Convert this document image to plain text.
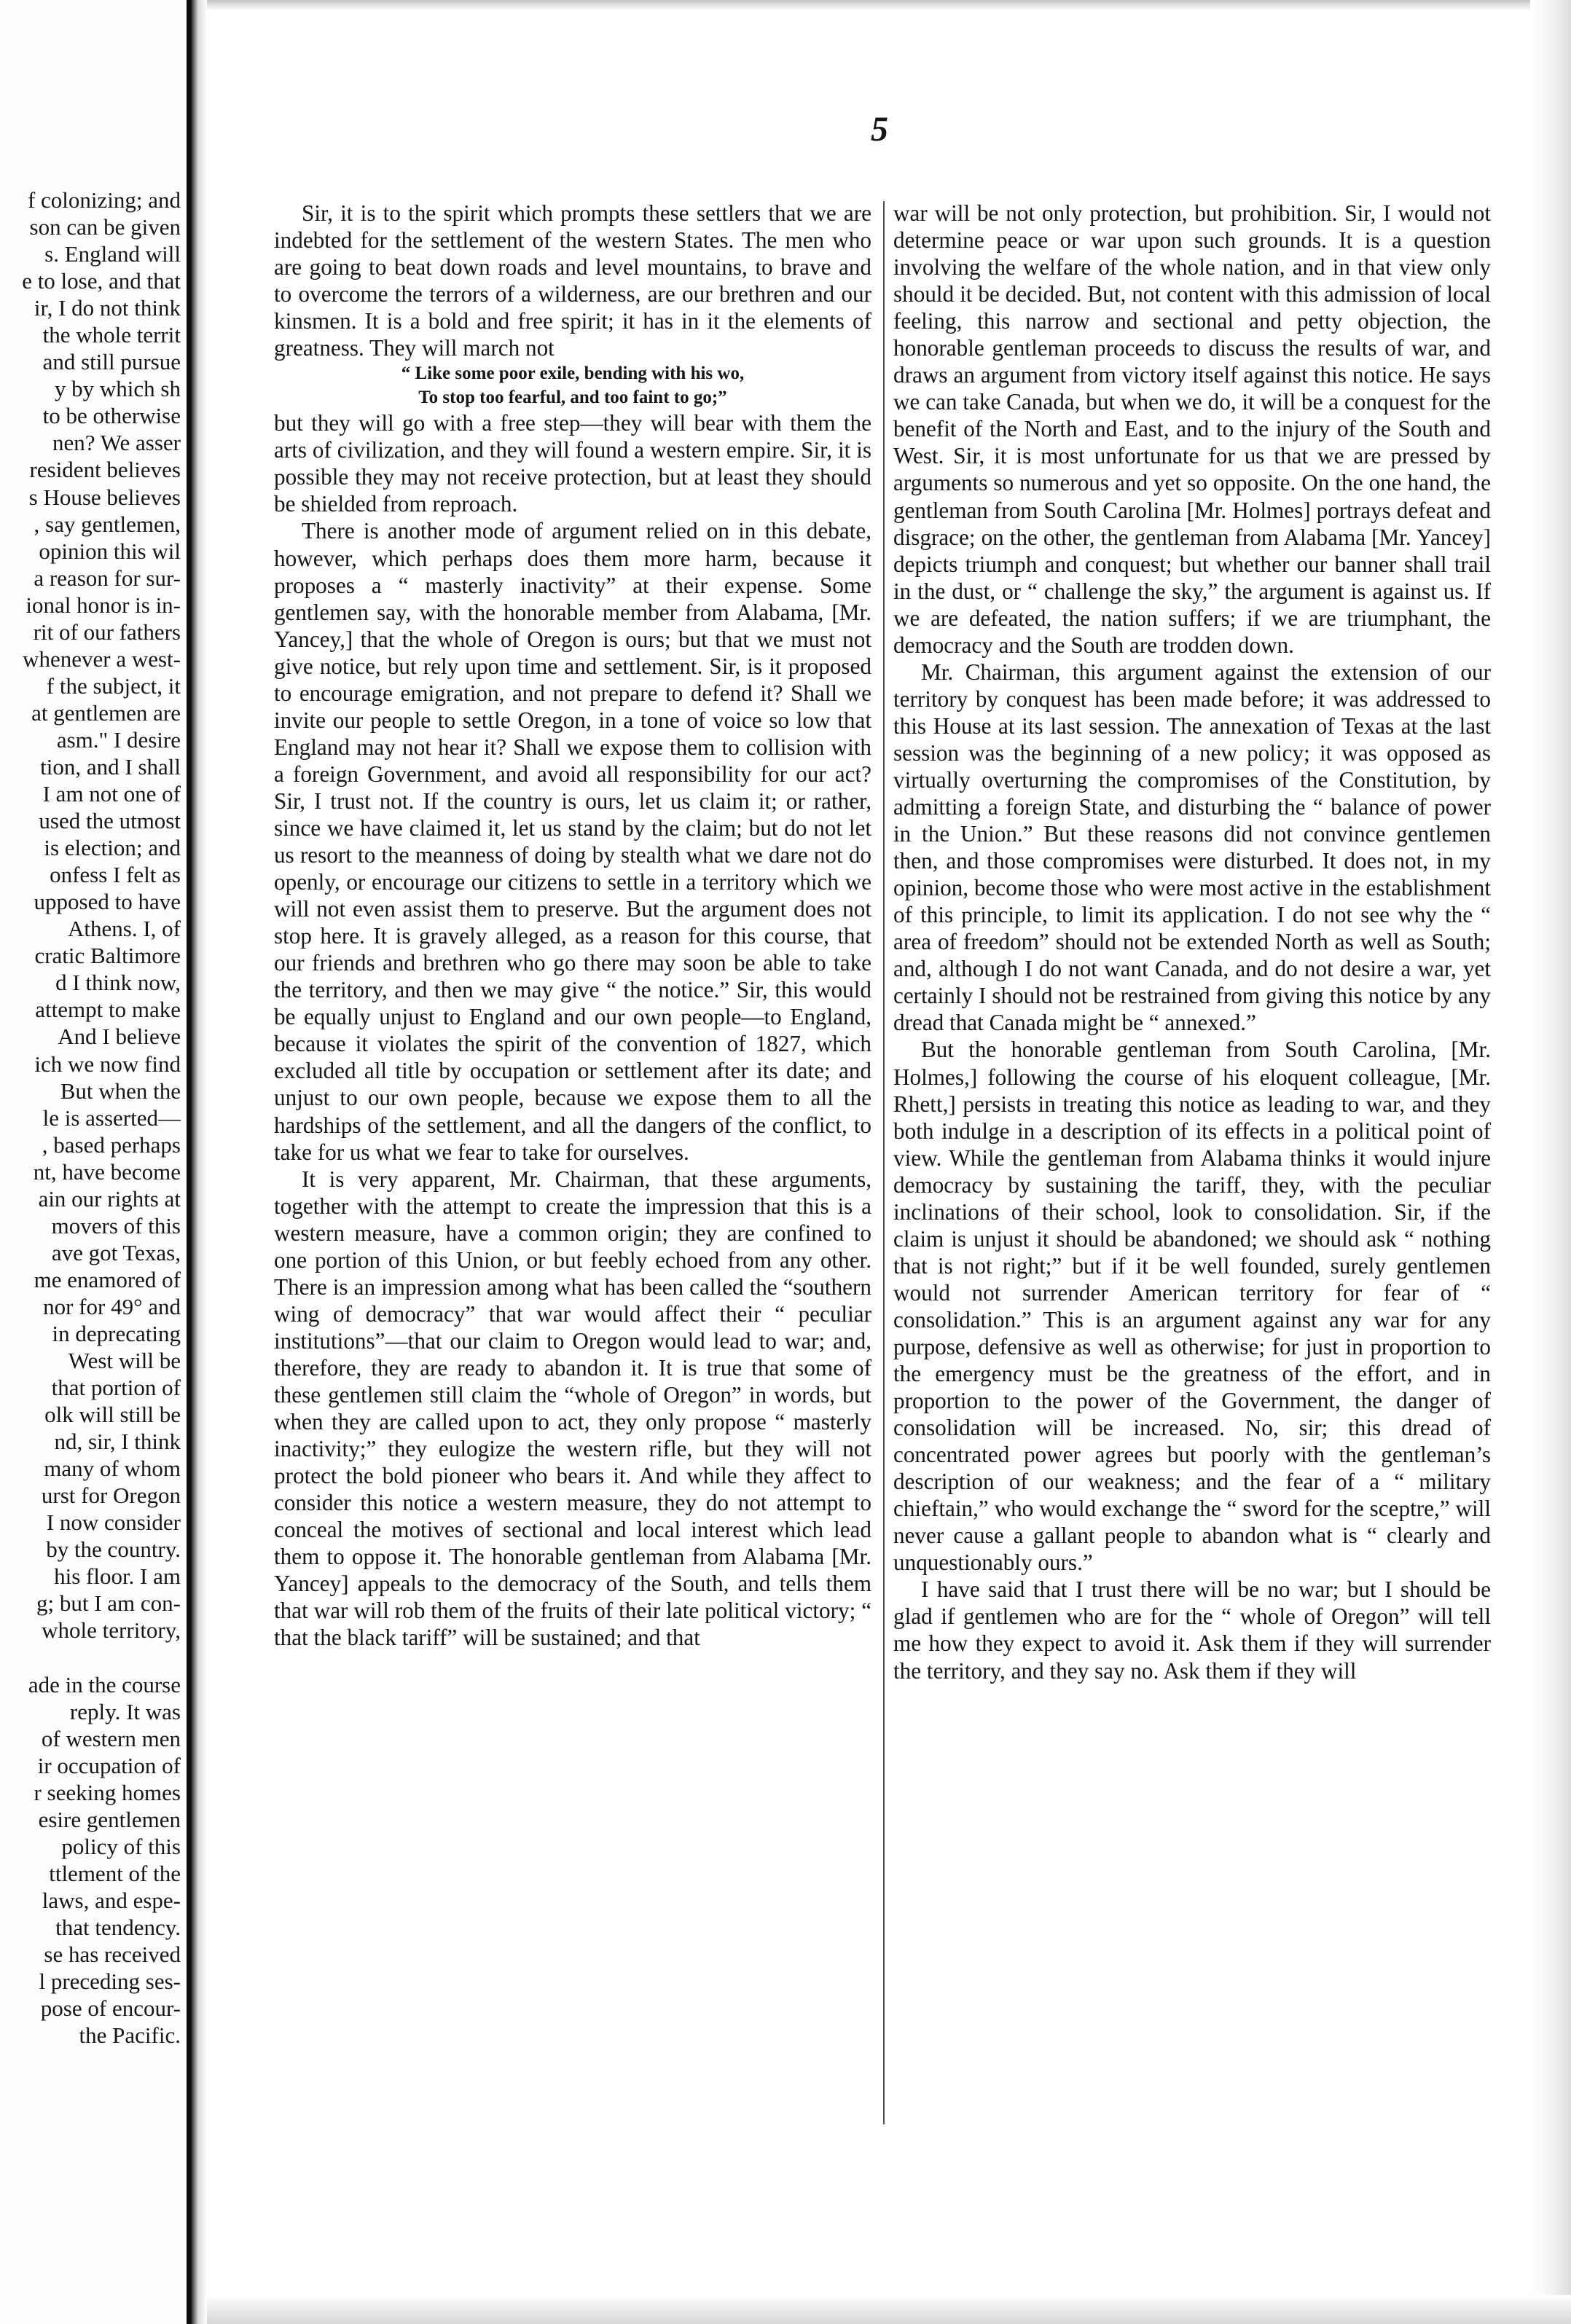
f colonizing; and
son can be given
s. England will
e to lose, and that
ir, I do not think
the whole territ
and still pursue
y by which sh
to be otherwise
nen? We asser
resident believes
s House believes
, say gentlemen,
opinion this wil
a reason for sur-
ional honor is in-
rit of our fathers
whenever a west-
f the subject, it
at gentlemen are
asm." I desire
tion, and I shall
I am not one of
used the utmost
is election; and
onfess I felt as
upposed to have
Athens. I, of
cratic Baltimore
d I think now,
attempt to make
And I believe
ich we now find
But when the
le is asserted—
, based perhaps
nt, have become
ain our rights at
movers of this
ave got Texas,
me enamored of
nor for 49° and
in deprecating
West will be
that portion of
olk will still be
nd, sir, I think
many of whom
urst for Oregon
I now consider
by the country.
his floor. I am
g; but I am con-
whole territory,
ade in the course
reply. It was
of western men
ir occupation of
r seeking homes
esire gentlemen
policy of this
ttlement of the
laws, and espe-
that tendency.
se has received
l preceding ses-
pose of encour-
the Pacific.
5

Sir, it is to the spirit which prompts these settlers that we are indebted for the settlement of the western States. The men who are going to beat down roads and level mountains, to brave and to overcome the terrors of a wilderness, are our brethren and our kinsmen. It is a bold and free spirit; it has in it the elements of greatness. They will march not

“ Like some poor exile, bending with his wo,
To stop too fearful, and too faint to go;”

but they will go with a free step—they will bear with them the arts of civilization, and they will found a western empire. Sir, it is possible they may not receive protection, but at least they should be shielded from reproach.

There is another mode of argument relied on in this debate, however, which perhaps does them more harm, because it proposes a “ masterly inactivity” at their expense. Some gentlemen say, with the honorable member from Alabama, [Mr. Yancey,] that the whole of Oregon is ours; but that we must not give notice, but rely upon time and settlement. Sir, is it proposed to encourage emigration, and not prepare to defend it? Shall we invite our people to settle Oregon, in a tone of voice so low that England may not hear it? Shall we expose them to collision with a foreign Government, and avoid all responsibility for our act? Sir, I trust not. If the country is ours, let us claim it; or rather, since we have claimed it, let us stand by the claim; but do not let us resort to the meanness of doing by stealth what we dare not do openly, or encourage our citizens to settle in a territory which we will not even assist them to preserve. But the argument does not stop here. It is gravely alleged, as a reason for this course, that our friends and brethren who go there may soon be able to take the territory, and then we may give “ the notice.” Sir, this would be equally unjust to England and our own people—to England, because it violates the spirit of the convention of 1827, which excluded all title by occupation or settlement after its date; and unjust to our own people, because we expose them to all the hardships of the settlement, and all the dangers of the conflict, to take for us what we fear to take for ourselves.

It is very apparent, Mr. Chairman, that these arguments, together with the attempt to create the impression that this is a western measure, have a common origin; they are confined to one portion of this Union, or but feebly echoed from any other. There is an impression among what has been called the “southern wing of democracy” that war would affect their “ peculiar institutions”—that our claim to Oregon would lead to war; and, therefore, they are ready to abandon it. It is true that some of these gentlemen still claim the “whole of Oregon” in words, but when they are called upon to act, they only propose “ masterly inactivity;” they eulogize the western rifle, but they will not protect the bold pioneer who bears it. And while they affect to consider this notice a western measure, they do not attempt to conceal the motives of sectional and local interest which lead them to oppose it. The honorable gentleman from Alabama [Mr. Yancey] appeals to the democracy of the South, and tells them that war will rob them of the fruits of their late political victory; “ that the black tariff” will be sustained; and that

war will be not only protection, but prohibition. Sir, I would not determine peace or war upon such grounds. It is a question involving the welfare of the whole nation, and in that view only should it be decided. But, not content with this admission of local feeling, this narrow and sectional and petty objection, the honorable gentleman proceeds to discuss the results of war, and draws an argument from victory itself against this notice. He says we can take Canada, but when we do, it will be a conquest for the benefit of the North and East, and to the injury of the South and West. Sir, it is most unfortunate for us that we are pressed by arguments so numerous and yet so opposite. On the one hand, the gentleman from South Carolina [Mr. Holmes] portrays defeat and disgrace; on the other, the gentleman from Alabama [Mr. Yancey] depicts triumph and conquest; but whether our banner shall trail in the dust, or “ challenge the sky,” the argument is against us. If we are defeated, the nation suffers; if we are triumphant, the democracy and the South are trodden down.

Mr. Chairman, this argument against the extension of our territory by conquest has been made before; it was addressed to this House at its last session. The annexation of Texas at the last session was the beginning of a new policy; it was opposed as virtually overturning the compromises of the Constitution, by admitting a foreign State, and disturbing the “ balance of power in the Union.” But these reasons did not convince gentlemen then, and those compromises were disturbed. It does not, in my opinion, become those who were most active in the establishment of this principle, to limit its application. I do not see why the “ area of freedom” should not be extended North as well as South; and, although I do not want Canada, and do not desire a war, yet certainly I should not be restrained from giving this notice by any dread that Canada might be “ annexed.”

But the honorable gentleman from South Carolina, [Mr. Holmes,] following the course of his eloquent colleague, [Mr. Rhett,] persists in treating this notice as leading to war, and they both indulge in a description of its effects in a political point of view. While the gentleman from Alabama thinks it would injure democracy by sustaining the tariff, they, with the peculiar inclinations of their school, look to consolidation. Sir, if the claim is unjust it should be abandoned; we should ask “ nothing that is not right;” but if it be well founded, surely gentlemen would not surrender American territory for fear of “ consolidation.” This is an argument against any war for any purpose, defensive as well as otherwise; for just in proportion to the emergency must be the greatness of the effort, and in proportion to the power of the Government, the danger of consolidation will be increased. No, sir; this dread of concentrated power agrees but poorly with the gentleman’s description of our weakness; and the fear of a “ military chieftain,” who would exchange the “ sword for the sceptre,” will never cause a gallant people to abandon what is “ clearly and unquestionably ours.”

I have said that I trust there will be no war; but I should be glad if gentlemen who are for the “ whole of Oregon” will tell me how they expect to avoid it. Ask them if they will surrender the territory, and they say no. Ask them if they will
